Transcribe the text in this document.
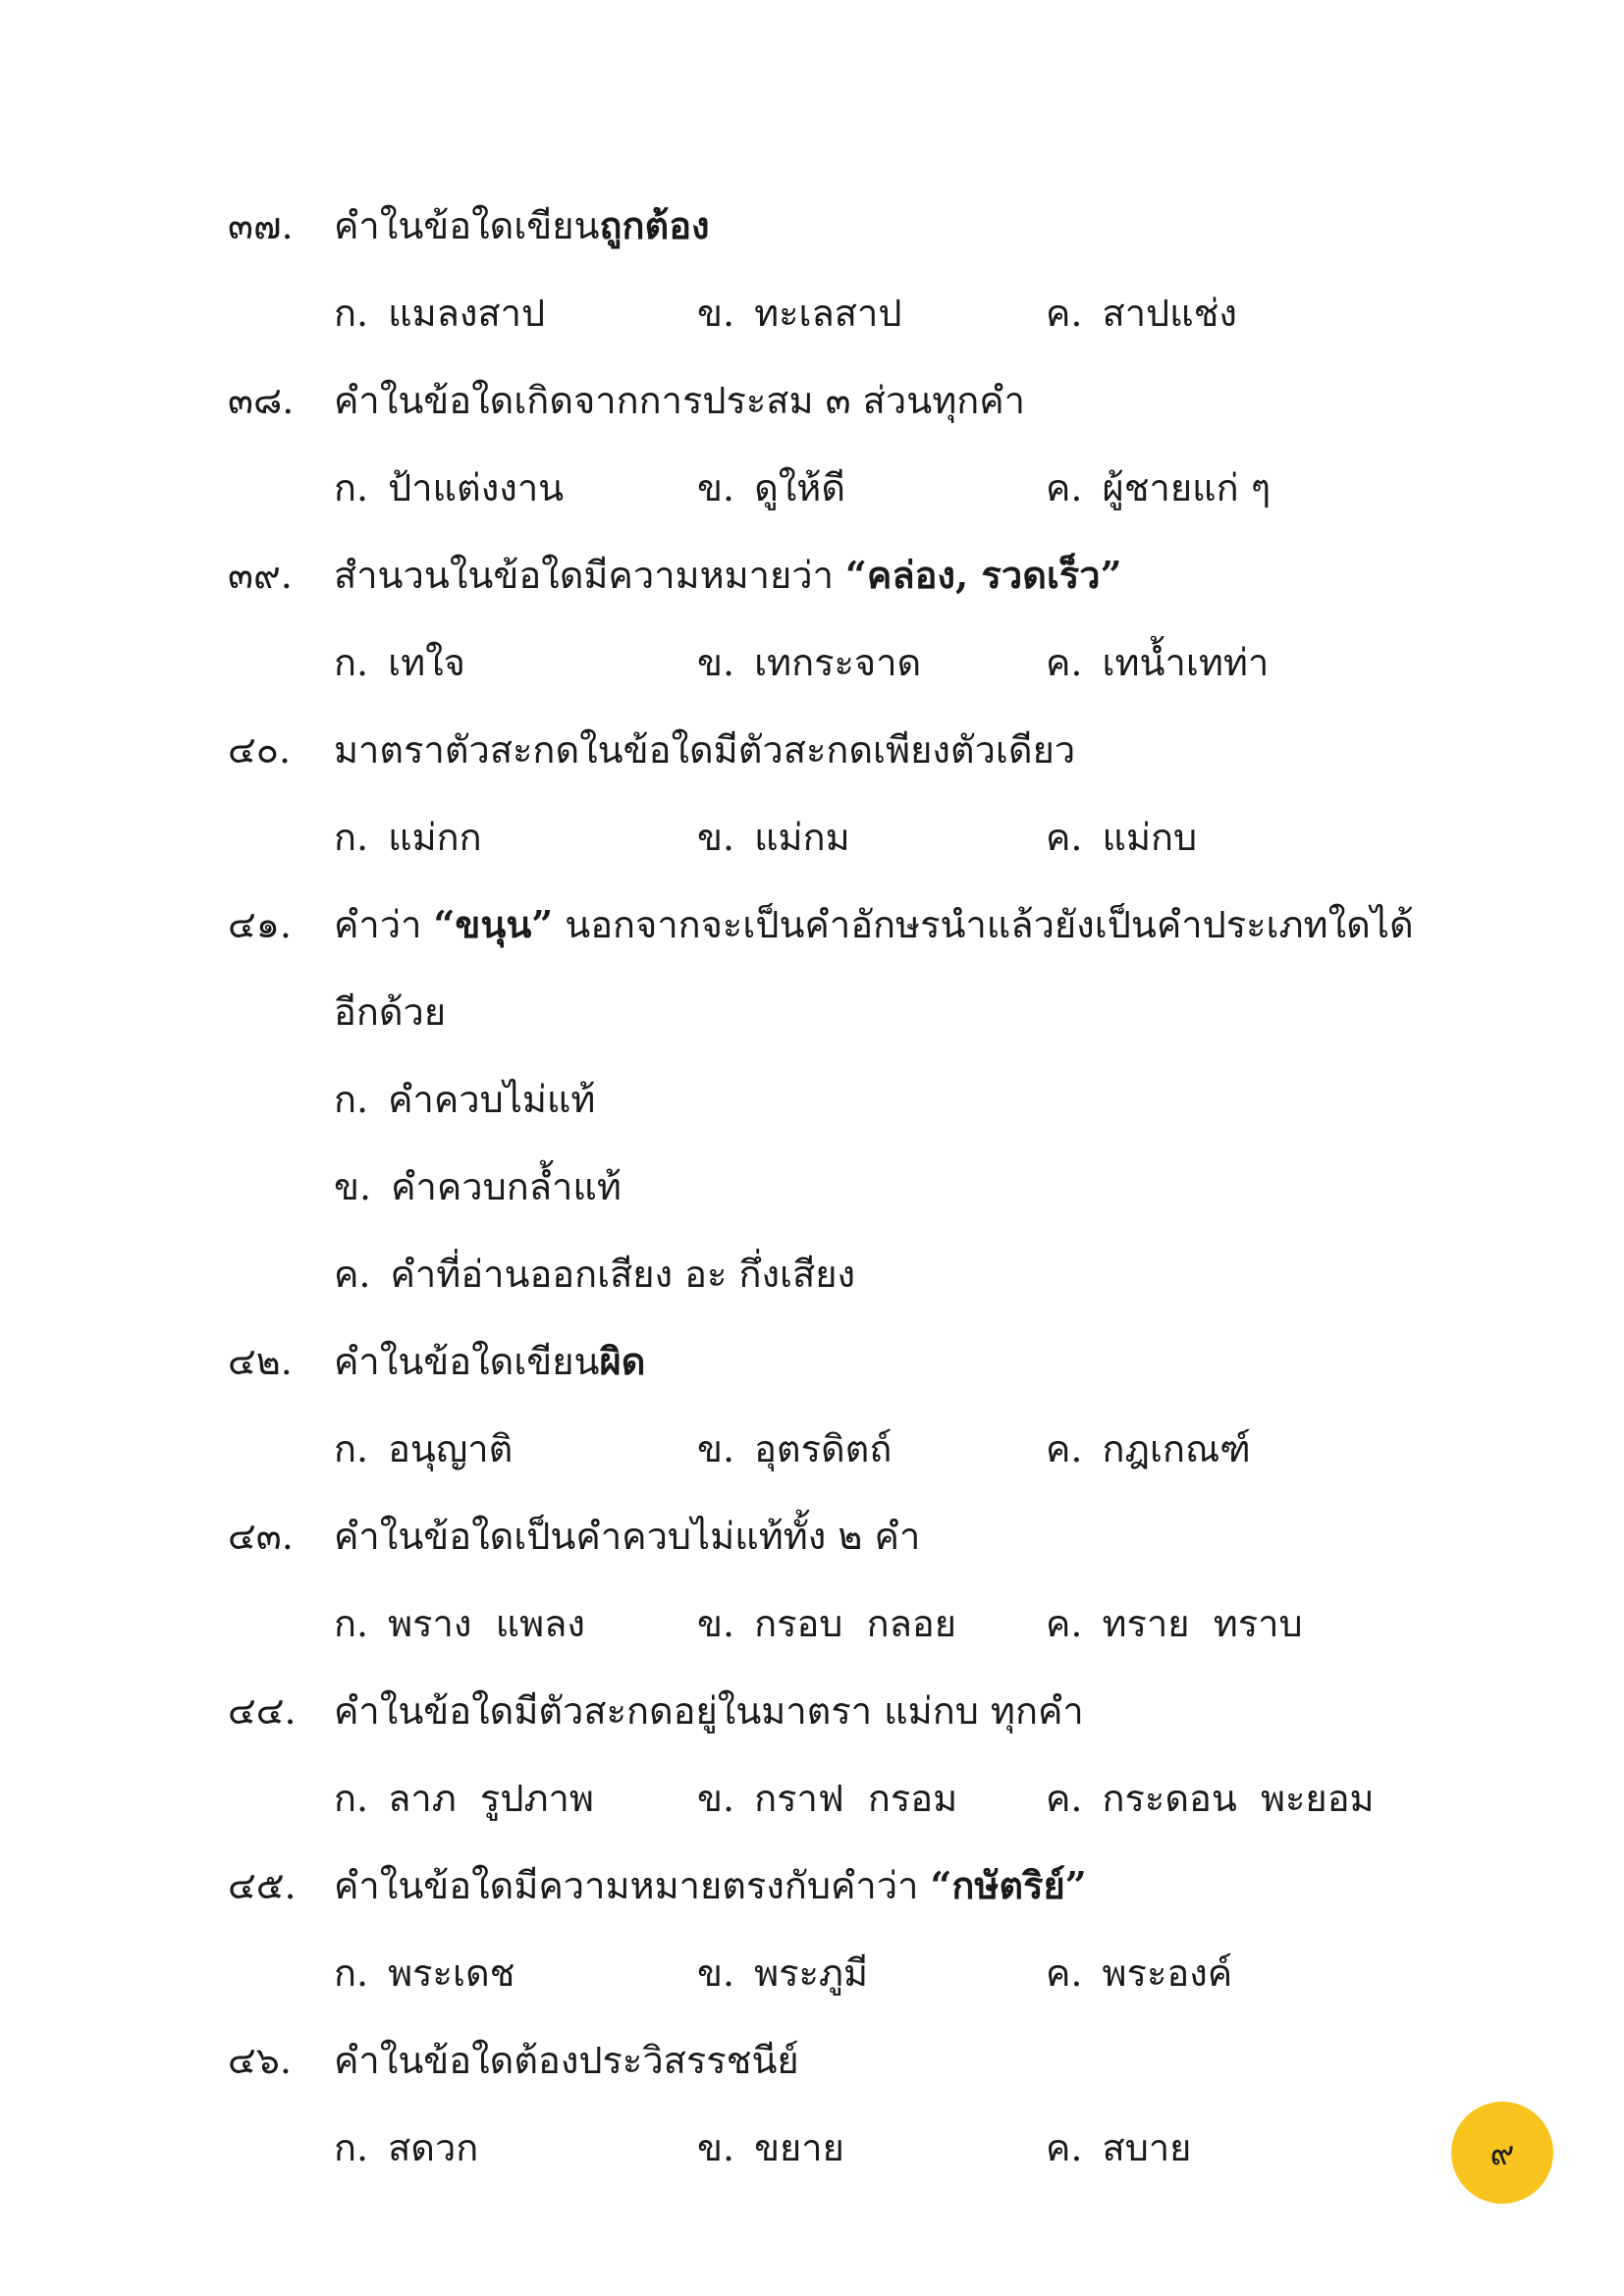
๓๗. คำในข้อใดเขียนถูกต้อง
ก. แมลงสาป	ข. ทะเลสาป	ค. สาปแช่ง
๓๘. คำในข้อใดเกิดจากการประสม ๓ ส่วนทุกคำ
ก. ป้าแต่งงาน	ข. ดูให้ดี	ค. ผู้ชายแก่ ๆ
๓๙. สำนวนในข้อใดมีความหมายว่า “คล่อง, รวดเร็ว”
ก. เทใจ	ข. เทกระจาด	ค. เทน้ำเทท่า
๔๐. มาตราตัวสะกดในข้อใดมีตัวสะกดเพียงตัวเดียว
ก. แม่กก	ข. แม่กม	ค. แม่กบ
๔๑. คำว่า “ขนุน” นอกจากจะเป็นคำอักษรนำแล้วยังเป็นคำประเภทใดได้
อีกด้วย
ก. คำควบไม่แท้
ข. คำควบกล้ำแท้
ค. คำที่อ่านออกเสียง อะ กึ่งเสียง
๔๒. คำในข้อใดเขียนผิด
ก. อนุญาติ	ข. อุตรดิตถ์	ค. กฎเกณฑ์
๔๓. คำในข้อใดเป็นคำควบไม่แท้ทั้ง ๒ คำ
ก. พราง  แพลง	ข. กรอบ  กลอย ค. ทราย  ทราบ
๔๔. คำในข้อใดมีตัวสะกดอยู่ในมาตรา แม่กบ ทุกคำ
ก. ลาภ  รูปภาพ	ข. กราฟ  กรอม ค. กระดอน  พะยอม
๔๕. คำในข้อใดมีความหมายตรงกับคำว่า “กษัตริย์”
ก. พระเดช	ข. พระภูมี	ค. พระองค์
๔๖. คำในข้อใดต้องประวิสรรชนีย์
ก. สดวก	ข. ขยาย	ค. สบาย	๙
